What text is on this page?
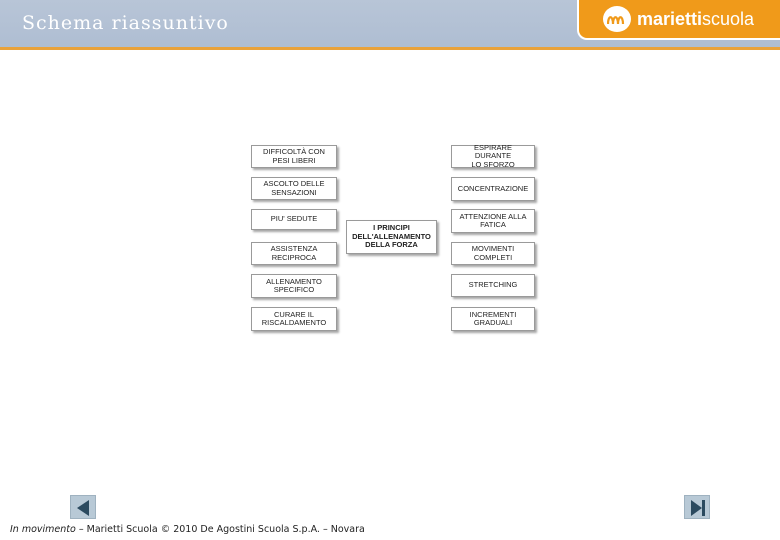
Schema riassuntivo	mariettiscuola
I PRINCIPI
DELL'ALLENAMENTO
DELLA FORZA
DIFFICOLTÀ CON
PESI LIBERI
ASCOLTO DELLE
SENSAZIONI
PIU' SEDUTE
ASSISTENZA
RECIPROCA
ALLENAMENTO
SPECIFICO
CURARE IL
RISCALDAMENTO
ESPIRARE DURANTE
LO SFORZO
CONCENTRAZIONE
ATTENZIONE ALLA
FATICA
MOVIMENTI
COMPLETI
STRETCHING
INCREMENTI
GRADUALI
In movimento – Marietti Scuola © 2010 De Agostini Scuola S.p.A. – Novara
